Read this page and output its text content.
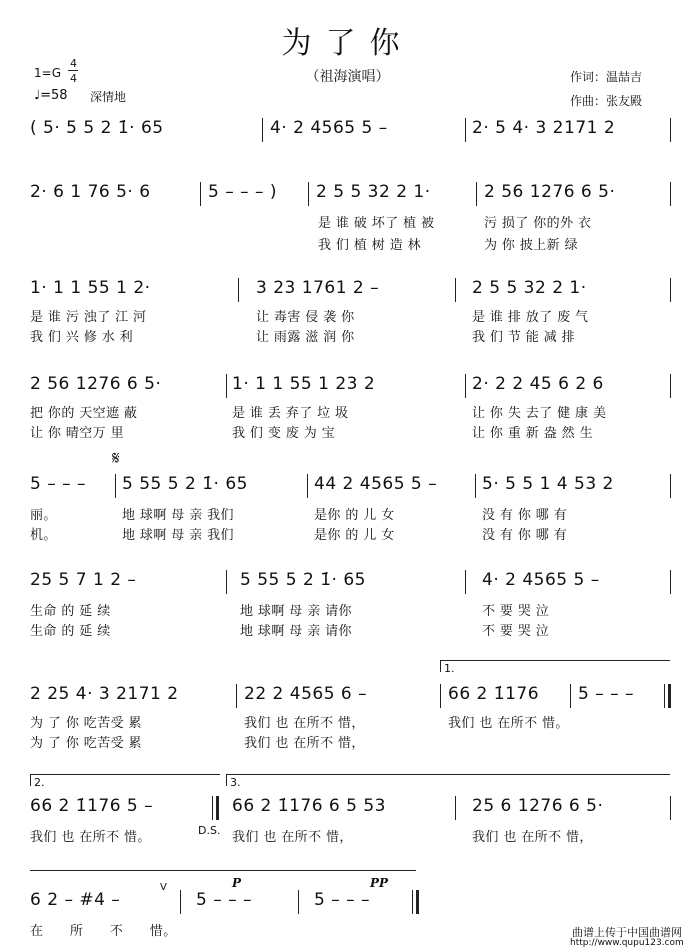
为了你
（祖海演唱）
1=G
4
4
♩=58 深情地
作词：温喆吉
作曲：张友殿
( 5· 5 5 2 1̇· 65	4· 2 4565 5 –	2· 5 4· 3 2171 2
2· 6 1 76 5· 6	5 – – – ) 2 5 5 32 2 1·	2 56 1276 6 5·
是 谁 破 坏了 植 被	污 损了 你的外 衣
我 们 植 树 造 林	为 你 披上新 绿
1· 1 1 55 1 2·	3 23 1761 2 –	2 5 5 32 2 1·
是 谁 污 浊了 江 河	让 毒害 侵 袭 你	是 谁 排 放了 废 气
我 们 兴 修 水 利	让 雨露 滋 润 你	我 们 节 能 减 排
2 56 1276 6 5·	1· 1 1 55 1 23 2	2· 2 2 45 6 2 6
把 你的 天空遮 蔽	是 谁 丢 弃了 垃 圾	让 你 失 去了 健 康 美
让 你 晴空万 里	我 们 变 废 为 宝	让 你 重 新 盎 然 生
𝄋
5 – – – 5 55 5 2 1̇· 65	44 2 4565 5 –	5· 5 5 1 4 53 2
丽。	地 球啊 母 亲 我们	是你 的 儿 女	没 有 你 哪 有
机。	地 球啊 母 亲 我们	是你 的 儿 女	没 有 你 哪 有
25 5 7 1 2 –	5 55 5 2 1̇· 65	4· 2 4565 5 –
生命 的 延 续	地 球啊 母 亲 请你	不 要 哭 泣
生命 的 延 续	地 球啊 母 亲 请你	不 要 哭 泣
1.
2 25 4· 3 2171 2	22 2 4565 6 –	66 2 1̇176 5 – – –
为 了 你 吃苦受 累	我们 也 在所不 惜，	我们 也 在所不 惜。
为 了 你 吃苦受 累	我们 也 在所不 惜，
2.	3.
66 2 1̇176 5 –	66 2 1̇176 6 5 53	25 6 1276 6 5·
我们 也 在所不 惜。	D.S. 我们 也 在所不 惜，	我们 也 在所不 惜，
P	PP
V
6 2 – #4 –	5 – – –	5 – – –
在 所 不 惜。	曲谱上传于中国曲谱网
http://www.qupu123.com
